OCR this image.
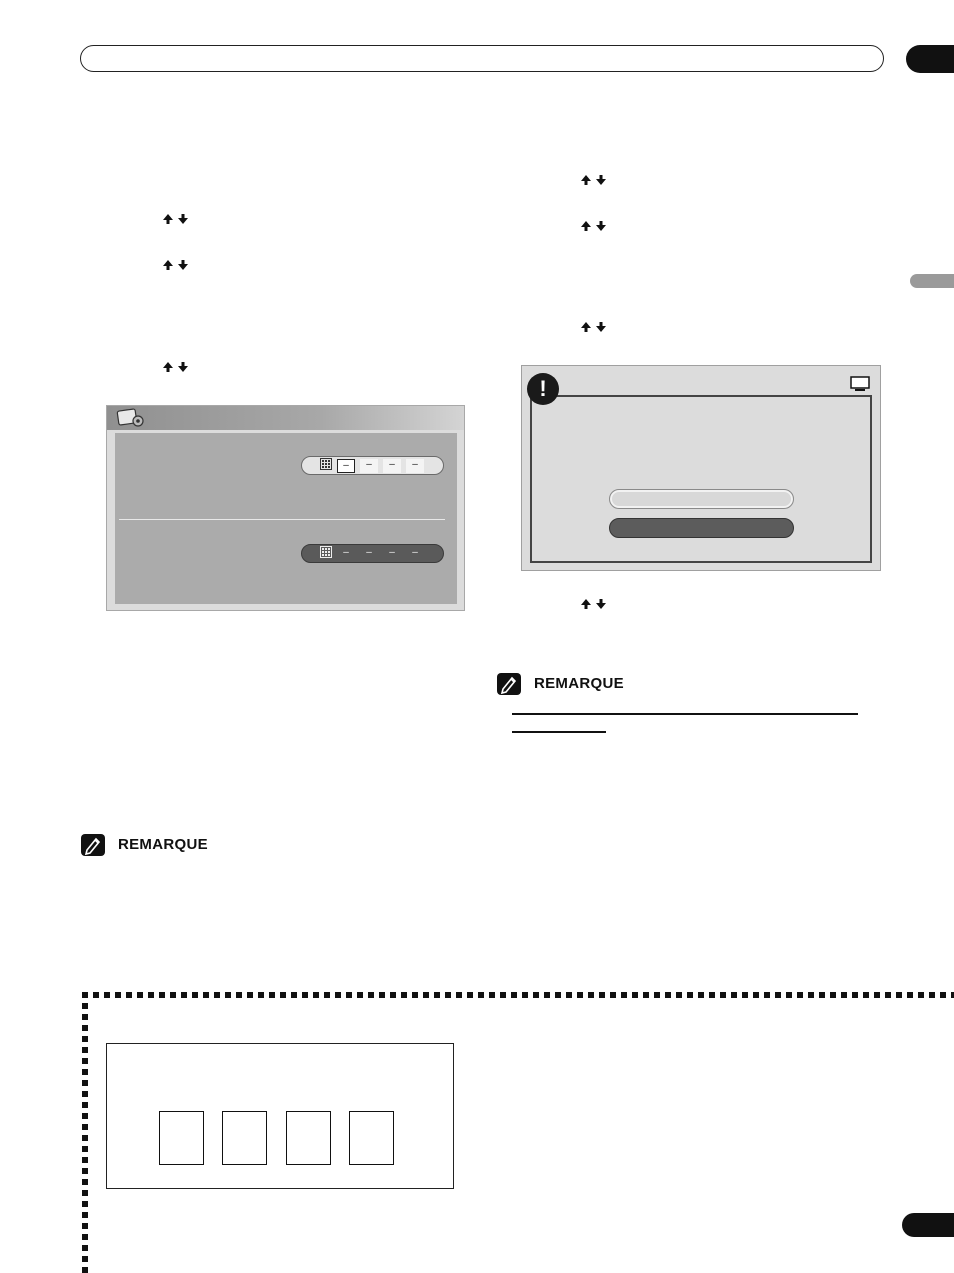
–	–	–	–
–	–	–	–
REMARQUE
!
REMARQUE
